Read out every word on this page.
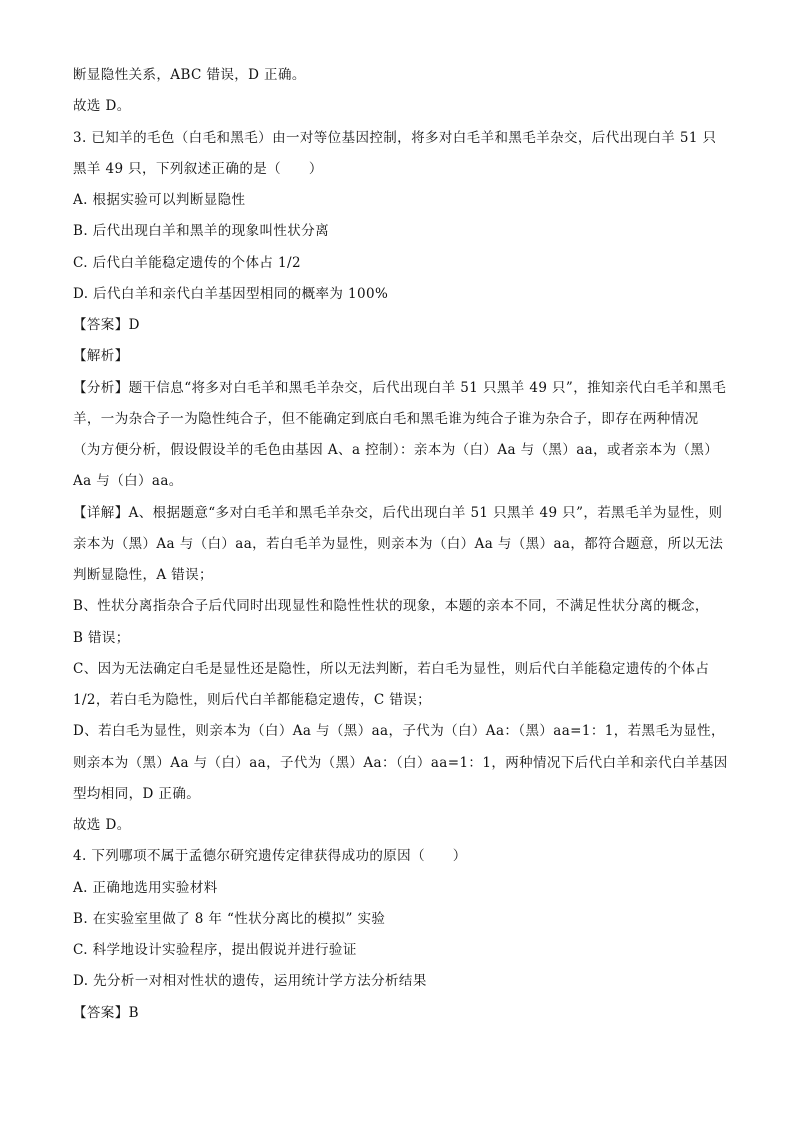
断显隐性关系，ABC 错误，D 正确。
故选 D。
3. 已知羊的毛色（白毛和黑毛）由一对等位基因控制，将多对白毛羊和黑毛羊杂交，后代出现白羊 51 只
黑羊 49 只，下列叙述正确的是（　　）
A. 根据实验可以判断显隐性
B. 后代出现白羊和黑羊的现象叫性状分离
C. 后代白羊能稳定遗传的个体占 1/2
D. 后代白羊和亲代白羊基因型相同的概率为 100%
【答案】D
【解析】
【分析】题干信息“将多对白毛羊和黑毛羊杂交，后代出现白羊 51 只黑羊 49 只”，推知亲代白毛羊和黑毛
羊，一为杂合子一为隐性纯合子，但不能确定到底白毛和黑毛谁为纯合子谁为杂合子，即存在两种情况
（为方便分析，假设假设羊的毛色由基因 A、a 控制）：亲本为（白）Aa 与（黑）aa，或者亲本为（黑）
Aa 与（白）aa。
【详解】A、根据题意“多对白毛羊和黑毛羊杂交，后代出现白羊 51 只黑羊 49 只”，若黑毛羊为显性，则
亲本为（黑）Aa 与（白）aa，若白毛羊为显性，则亲本为（白）Aa 与（黑）aa，都符合题意，所以无法
判断显隐性，A 错误；
B、性状分离指杂合子后代同时出现显性和隐性性状的现象，本题的亲本不同，不满足性状分离的概念，
B 错误；
C、因为无法确定白毛是显性还是隐性，所以无法判断，若白毛为显性，则后代白羊能稳定遗传的个体占
1/2，若白毛为隐性，则后代白羊都能稳定遗传，C 错误；
D、若白毛为显性，则亲本为（白）Aa 与（黑）aa，子代为（白）Aa：（黑）aa=1：1，若黑毛为显性，
则亲本为（黑）Aa 与（白）aa，子代为（黑）Aa：（白）aa=1：1，两种情况下后代白羊和亲代白羊基因
型均相同，D 正确。
故选 D。
4. 下列哪项不属于孟德尔研究遗传定律获得成功的原因（　　）
A. 正确地选用实验材料
B. 在实验室里做了 8 年 “性状分离比的模拟” 实验
C. 科学地设计实验程序，提出假说并进行验证
D. 先分析一对相对性状的遗传，运用统计学方法分析结果
【答案】B
